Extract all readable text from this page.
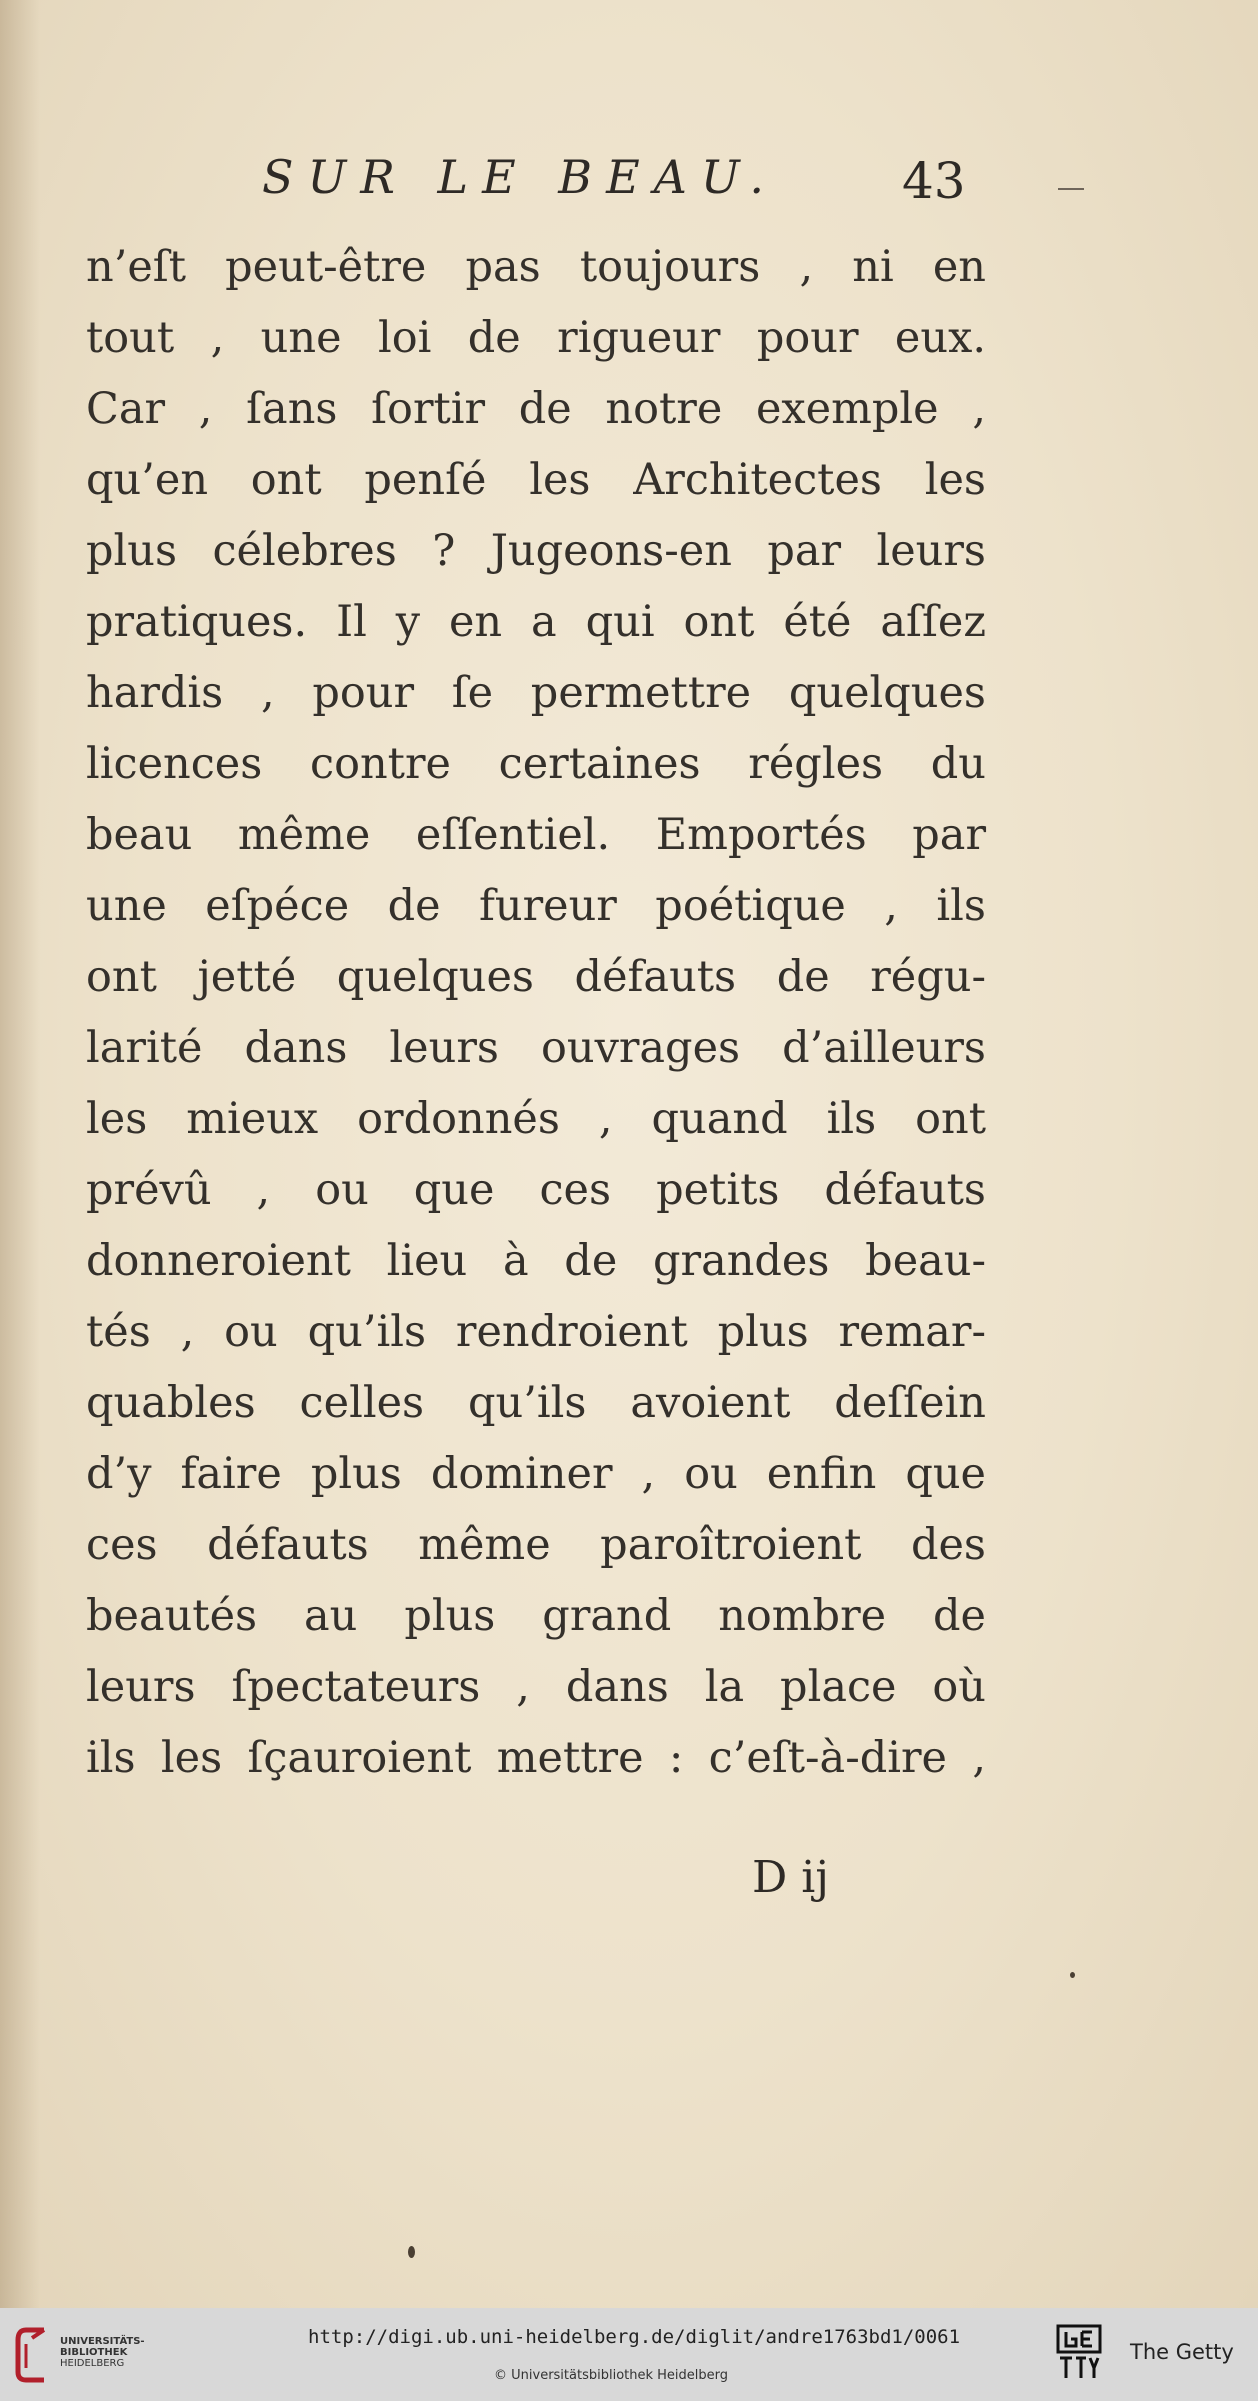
SUR LE BEAU. 43
n’eſt peut-être pas toujours , ni en
tout , une loi de rigueur pour eux.
Car , ſans ſortir de notre exemple ,
qu’en ont penſé les Architectes les
plus célebres ? Jugeons-en par leurs
pratiques. Il y en a qui ont été aſſez
hardis , pour ſe permettre quelques
licences contre certaines régles du
beau même eſſentiel. Emportés par
une eſpéce de fureur poétique , ils
ont jetté quelques défauts de régu-
larité dans leurs ouvrages d’ailleurs
les mieux ordonnés , quand ils ont
prévû , ou que ces petits défauts
donneroient lieu à de grandes beau-
tés , ou qu’ils rendroient plus remar-
quables celles qu’ils avoient deſſein
d’y faire plus dominer , ou enfin que
ces défauts même paroîtroient des
beautés au plus grand nombre de
leurs ſpectateurs , dans la place où
ils les ſçauroient mettre : c’eſt-à-dire ,
D ij
UNIVERSITÄTS-
BIBLIOTHEK
HEIDELBERG
http://digi.ub.uni-heidelberg.de/diglit/andre1763bd1/0061
© Universitätsbibliothek Heidelberg
The Getty
